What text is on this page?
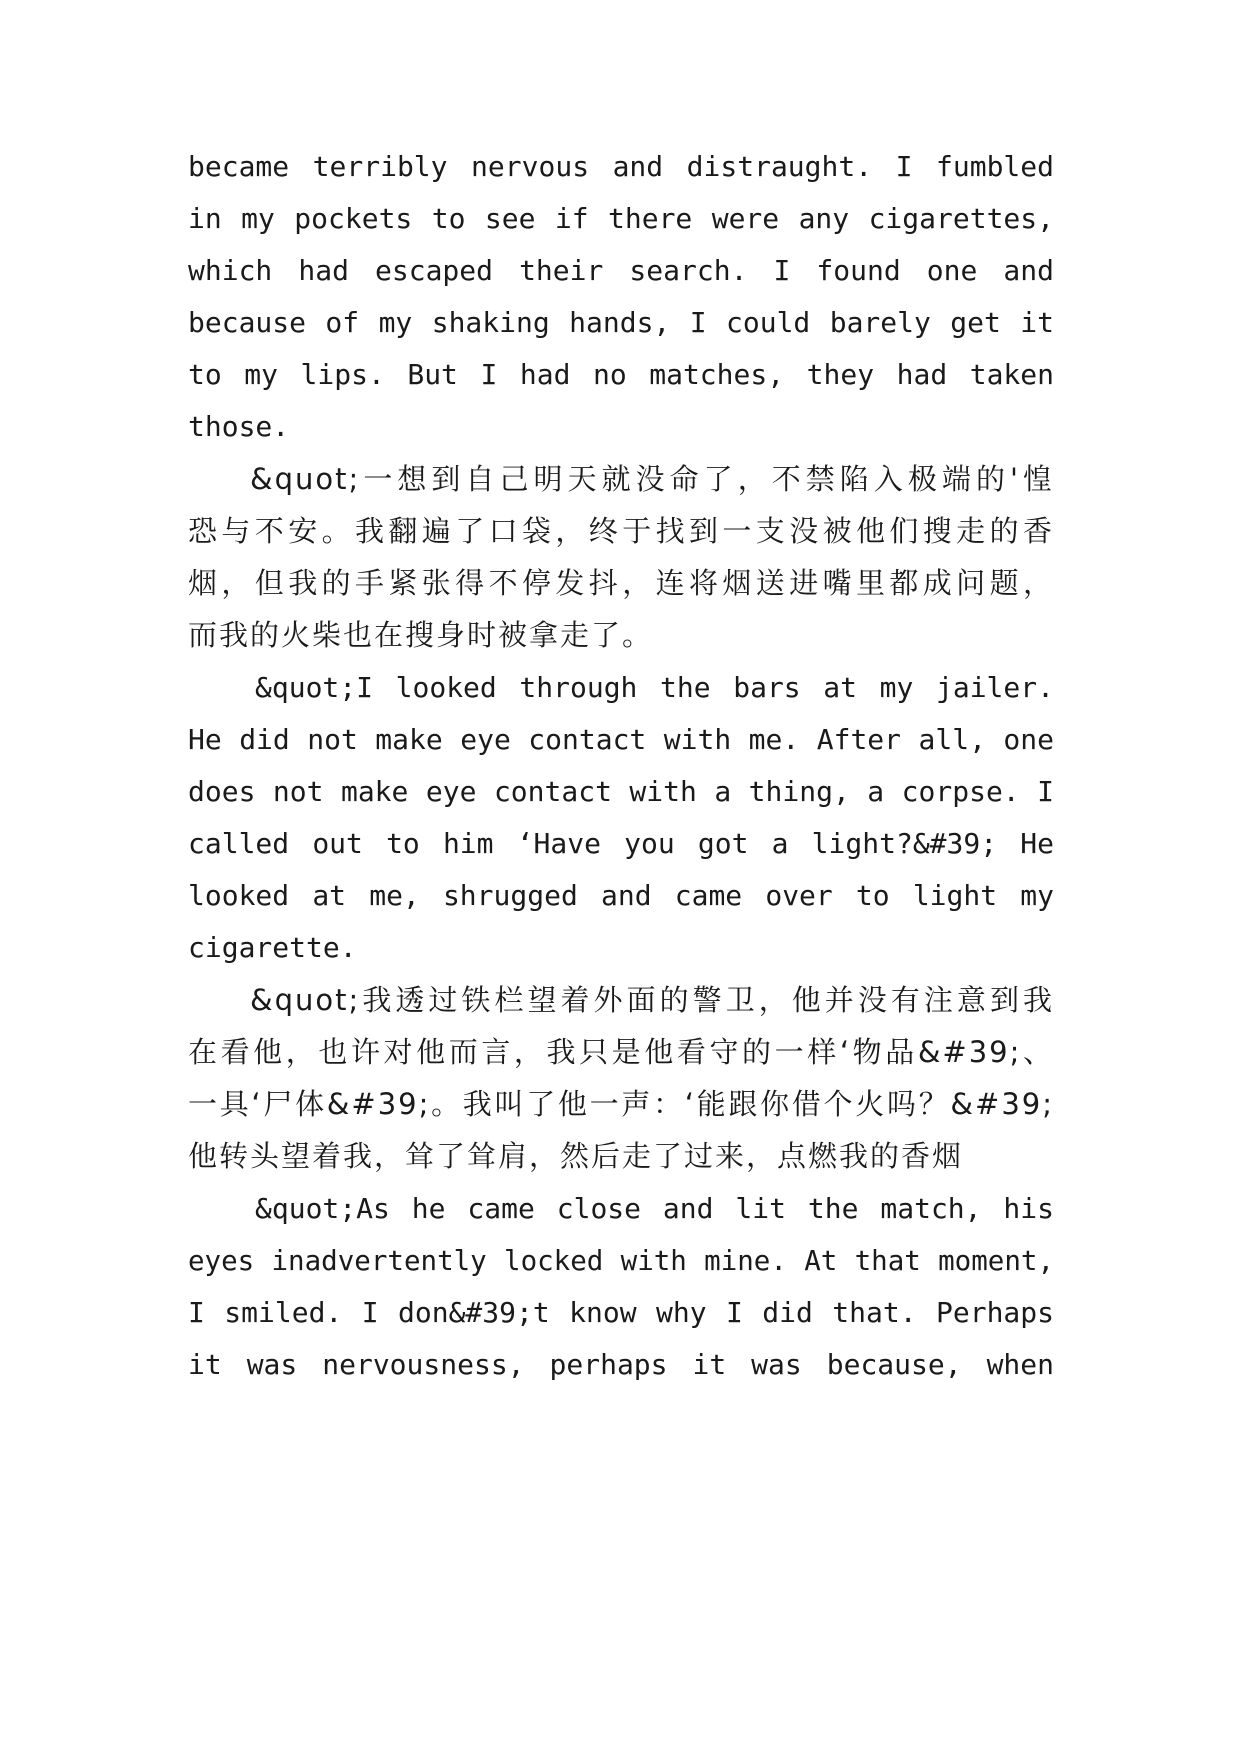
became terribly nervous and distraught. I fumbled
in my pockets to see if there were any cigarettes,
which had escaped their search. I found one and
because of my shaking hands, I could barely get it
to my lips. But I had no matches, they had taken
those.
&quot;一想到自己明天就没命了，不禁陷入极端的'惶
恐与不安。我翻遍了口袋，终于找到一支没被他们搜走的香
烟，但我的手紧张得不停发抖，连将烟送进嘴里都成问题，
而我的火柴也在搜身时被拿走了。
&quot;I looked through the bars at my jailer.
He did not make eye contact with me. After all, one
does not make eye contact with a thing, a corpse. I
called out to him ‘Have you got a light?&#39; He
looked at me, shrugged and came over to light my
cigarette.
&quot;我透过铁栏望着外面的警卫，他并没有注意到我
在看他，也许对他而言，我只是他看守的一样‘物品&#39;、
一具‘尸体&#39;。我叫了他一声：‘能跟你借个火吗？&#39;
他转头望着我，耸了耸肩，然后走了过来，点燃我的香烟
&quot;As he came close and lit the match, his
eyes inadvertently locked with mine. At that moment,
I smiled. I don&#39;t know why I did that. Perhaps
it was nervousness, perhaps it was because, when
